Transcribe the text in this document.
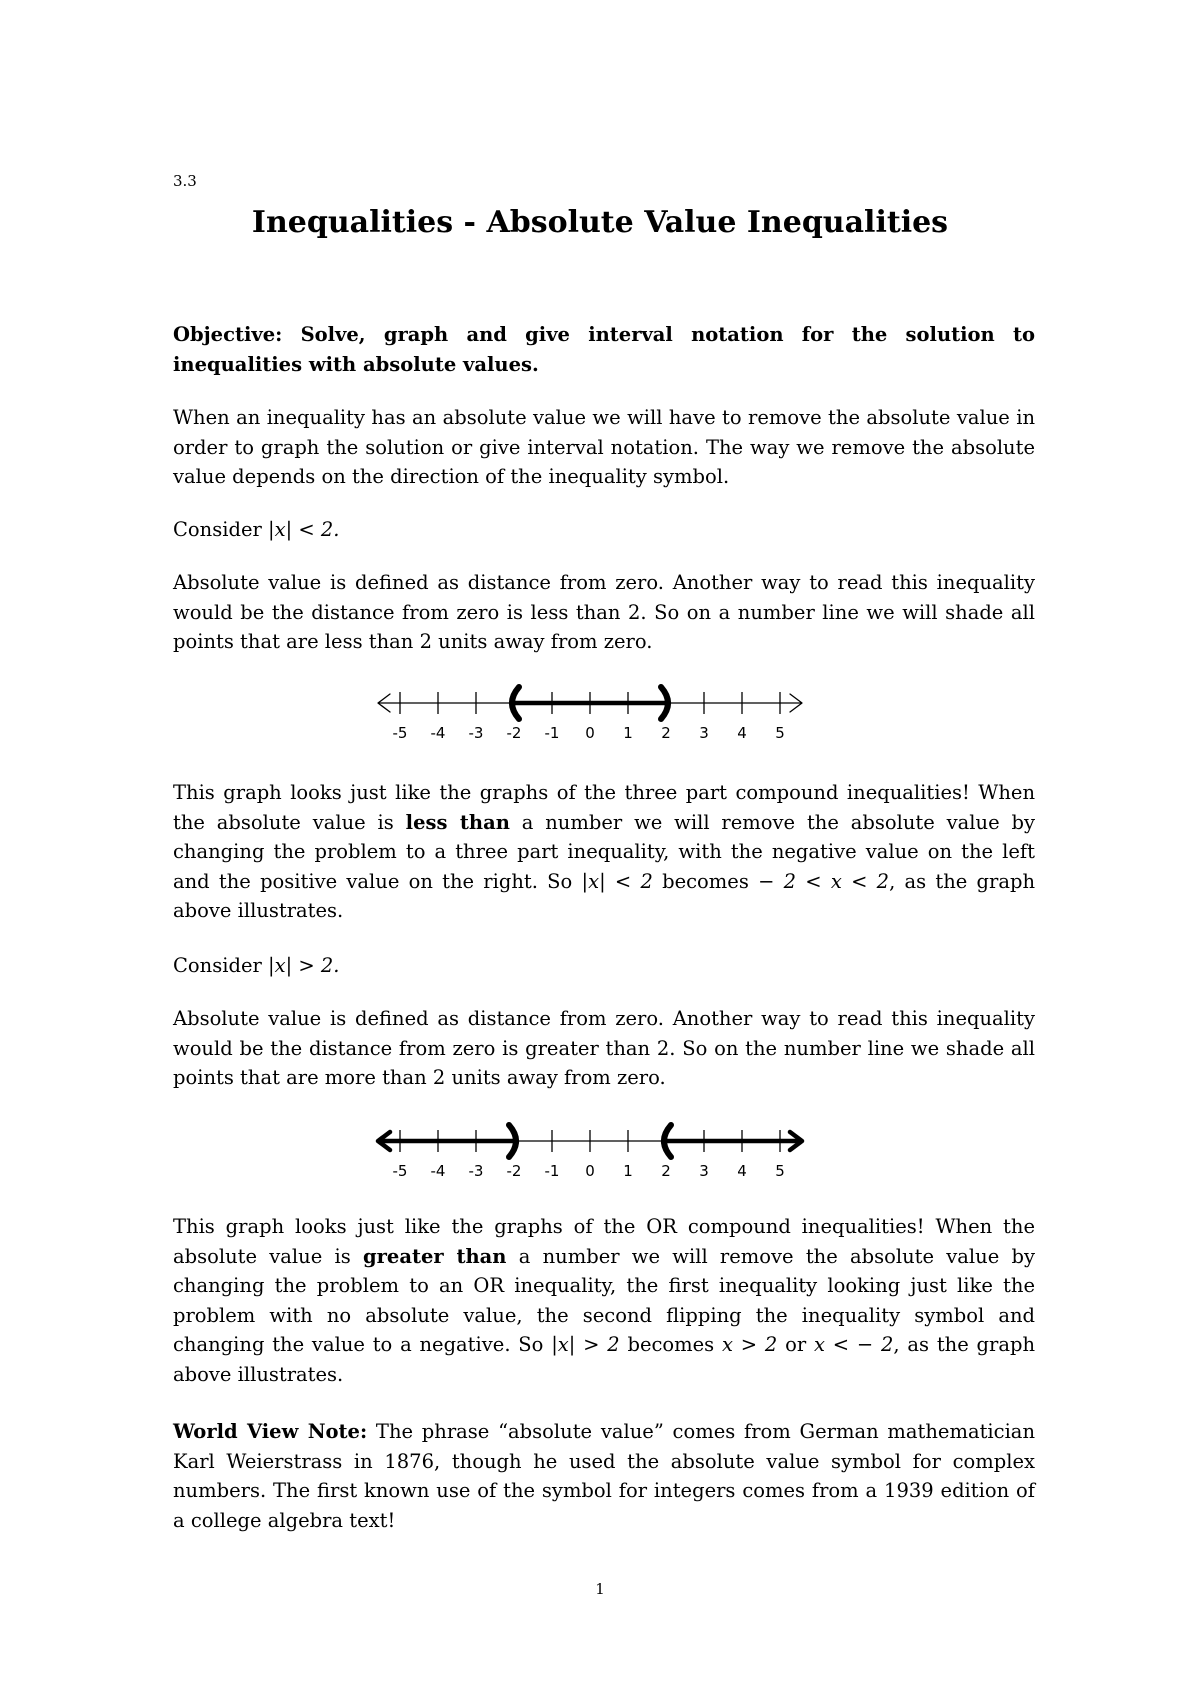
3.3
Inequalities - Absolute Value Inequalities

Objective: Solve, graph and give interval notation for the solution to inequalities with absolute values.

When an inequality has an absolute value we will have to remove the absolute value in order to graph the solution or give interval notation. The way we remove the absolute value depends on the direction of the inequality symbol.

Consider |x| < 2.

Absolute value is defined as distance from zero. Another way to read this inequality would be the distance from zero is less than 2. So on a number line we will shade all points that are less than 2 units away from zero.

-5 -4 -3 -2 -1 0 1 2 3 4 5

This graph looks just like the graphs of the three part compound inequalities! When the absolute value is less than a number we will remove the absolute value by changing the problem to a three part inequality, with the negative value on the left and the positive value on the right. So |x| < 2 becomes − 2 < x < 2, as the graph above illustrates.

Consider |x| > 2.

Absolute value is defined as distance from zero. Another way to read this inequality would be the distance from zero is greater than 2. So on the number line we shade all points that are more than 2 units away from zero.

-5 -4 -3 -2 -1 0 1 2 3 4 5

This graph looks just like the graphs of the OR compound inequalities! When the absolute value is greater than a number we will remove the absolute value by changing the problem to an OR inequality, the first inequality looking just like the problem with no absolute value, the second flipping the inequality symbol and changing the value to a negative. So |x| > 2 becomes x > 2 or x < − 2, as the graph above illustrates.

World View Note: The phrase “absolute value” comes from German mathematician Karl Weierstrass in 1876, though he used the absolute value symbol for complex numbers. The first known use of the symbol for integers comes from a 1939 edition of a college algebra text!

1
